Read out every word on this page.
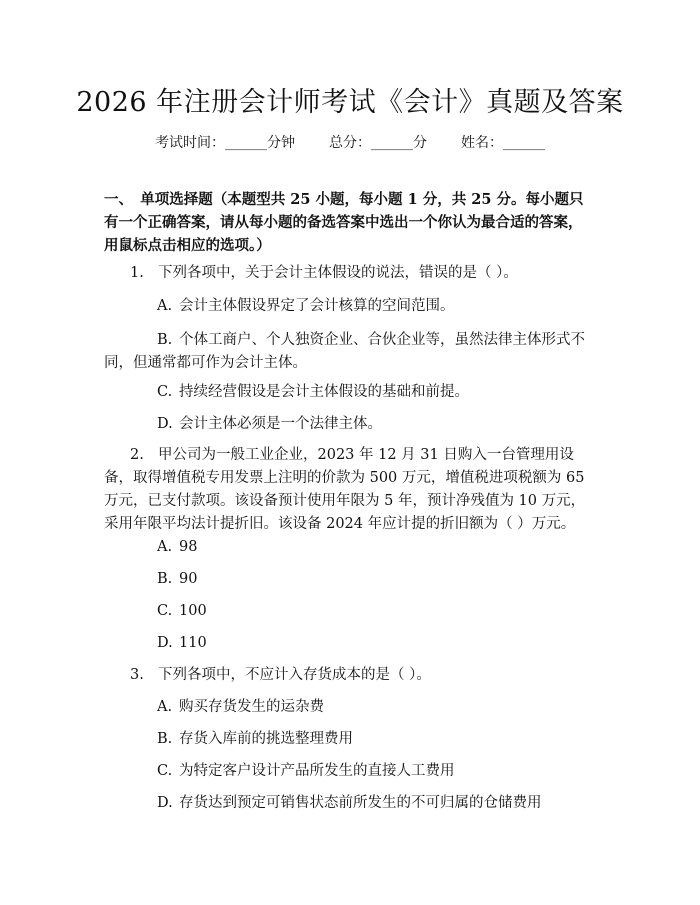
2026 年注册会计师考试《会计》真题及答案
考试时间：______分钟 总分：______分 姓名：______
一、　单项选择题（本题型共 25 小题，每小题 1 分，共 25 分。每小题只有一个正确答案，请从每小题的备选答案中选出一个你认为最合适的答案，用鼠标点击相应的选项。）
1. 下列各项中，关于会计主体假设的说法，错误的是（ ）。
A. 会计主体假设界定了会计核算的空间范围。
B. 个体工商户、个人独资企业、合伙企业等，虽然法律主体形式不同，但通常都可作为会计主体。
C. 持续经营假设是会计主体假设的基础和前提。
D. 会计主体必须是一个法律主体。
2. 甲公司为一般工业企业，2023 年 12 月 31 日购入一台管理用设备，取得增值税专用发票上注明的价款为 500 万元，增值税进项税额为 65 万元，已支付款项。该设备预计使用年限为 5 年，预计净残值为 10 万元，采用年限平均法计提折旧。该设备 2024 年应计提的折旧额为（ ）万元。
A. 98
B. 90
C. 100
D. 110
3. 下列各项中，不应计入存货成本的是（ ）。
A. 购买存货发生的运杂费
B. 存货入库前的挑选整理费用
C. 为特定客户设计产品所发生的直接人工费用
D. 存货达到预定可销售状态前所发生的不可归属的仓储费用
